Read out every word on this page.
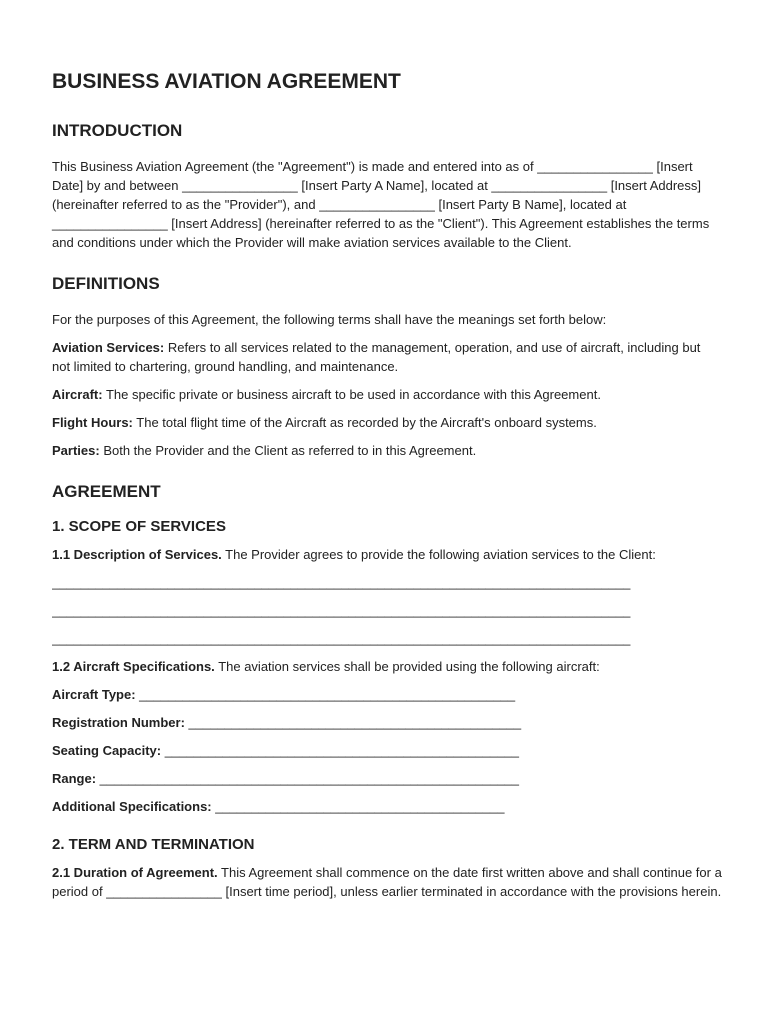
BUSINESS AVIATION AGREEMENT
INTRODUCTION

This Business Aviation Agreement (the "Agreement") is made and entered into as of ________________ [Insert Date] by and between ________________ [Insert Party A Name], located at ________________ [Insert Address] (hereinafter referred to as the "Provider"), and ________________ [Insert Party B Name], located at ________________ [Insert Address] (hereinafter referred to as the "Client"). This Agreement establishes the terms and conditions under which the Provider will make aviation services available to the Client.

DEFINITIONS

For the purposes of this Agreement, the following terms shall have the meanings set forth below:

Aviation Services: Refers to all services related to the management, operation, and use of aircraft, including but not limited to chartering, ground handling, and maintenance.

Aircraft: The specific private or business aircraft to be used in accordance with this Agreement.

Flight Hours: The total flight time of the Aircraft as recorded by the Aircraft's onboard systems.

Parties: Both the Provider and the Client as referred to in this Agreement.

AGREEMENT
1. SCOPE OF SERVICES

1.1 Description of Services. The Provider agrees to provide the following aviation services to the Client:

________________________________________________________________________________
________________________________________________________________________________
________________________________________________________________________________

1.2 Aircraft Specifications. The aviation services shall be provided using the following aircraft:

Aircraft Type: ____________________________________________________
Registration Number: ______________________________________________
Seating Capacity: _________________________________________________
Range: __________________________________________________________
Additional Specifications: ________________________________________
2. TERM AND TERMINATION

2.1 Duration of Agreement. This Agreement shall commence on the date first written above and shall continue for a period of ________________ [Insert time period], unless earlier terminated in accordance with the provisions herein.
